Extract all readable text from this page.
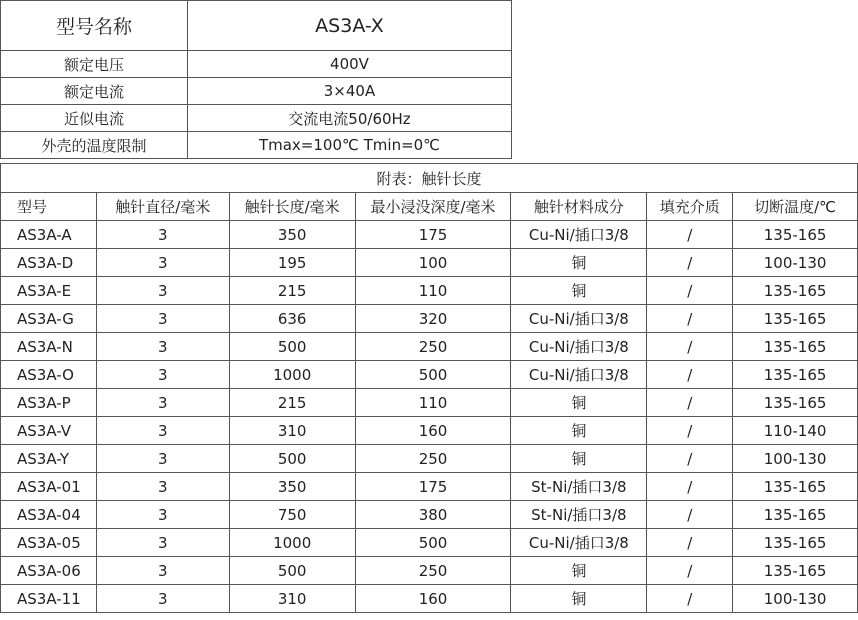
型号名称	AS3A-X
额定电压	400V
额定电流	3×40A
近似电流	交流电流50/60Hz
外壳的温度限制	Tmax=100℃ Tmin=0℃
附表：触针长度						
型号	触针直径/毫米	触针长度/毫米	最小浸没深度/毫米	触针材料成分	填充介质	切断温度/℃
AS3A-A	3	350	175	Cu-Ni/插口3/8	/	135-165
AS3A-D	3	195	100	铜	/	100-130
AS3A-E	3	215	110	铜	/	135-165
AS3A-G	3	636	320	Cu-Ni/插口3/8	/	135-165
AS3A-N	3	500	250	Cu-Ni/插口3/8	/	135-165
AS3A-O	3	1000	500	Cu-Ni/插口3/8	/	135-165
AS3A-P	3	215	110	铜	/	135-165
AS3A-V	3	310	160	铜	/	110-140
AS3A-Y	3	500	250	铜	/	100-130
AS3A-01	3	350	175	St-Ni/插口3/8	/	135-165
AS3A-04	3	750	380	St-Ni/插口3/8	/	135-165
AS3A-05	3	1000	500	Cu-Ni/插口3/8	/	135-165
AS3A-06	3	500	250	铜	/	135-165
AS3A-11	3	310	160	铜	/	100-130
